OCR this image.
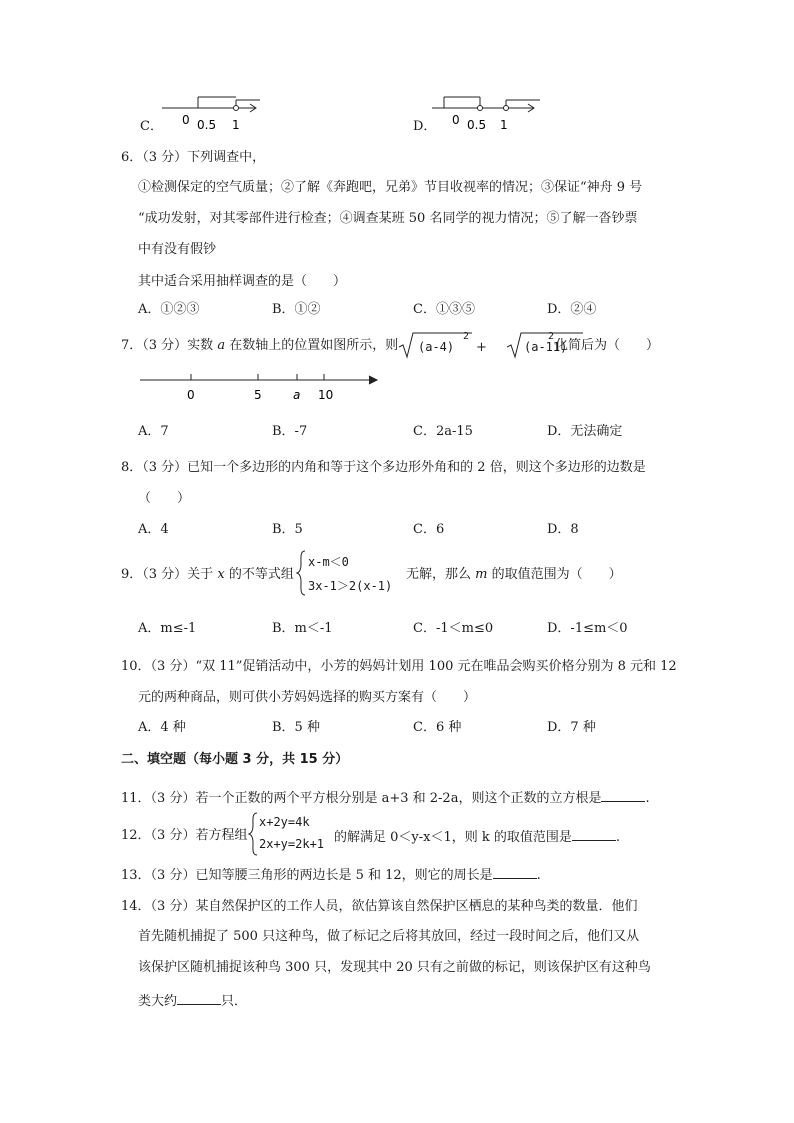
C． 0 0.5 1	D． 0 0.5 1
6．（3 分）下列调查中，
①检测保定的空气质量；②了解《奔跑吧，兄弟》节目收视率的情况；③保证“神舟 9 号
“成功发射，对其零部件进行检查；④调查某班 50 名同学的视力情况；⑤了解一沓钞票
中有没有假钞
其中适合采用抽样调查的是（　　）
A．①②③	B．①②	C．①③⑤	D．②④
7．（3 分）实数 a 在数轴上的位置如图所示，则 (a-4)
2
+	(a-11)
2
化简后为（　　）
0	5	a 10
A．7	B．-7	C．2a-15	D．无法确定
8．（3 分）已知一个多边形的内角和等于这个多边形外角和的 2 倍，则这个多边形的边数是
（　　）
A．4	B．5	C．6	D．8
9．（3 分）关于 x 的不等式组
x-m＜0
3x-1＞2(x-1)
无解，那么 m 的取值范围为（　　）
A．m≤-1	B．m＜-1	C．-1＜m≤0	D．-1≤m＜0
10．（3 分）“双 11”促销活动中，小芳的妈妈计划用 100 元在唯品会购买价格分别为 8 元和 12
元的两种商品，则可供小芳妈妈选择的购买方案有（　　）
A．4 种	B．5 种	C．6 种	D．7 种
二、填空题（每小题 3 分，共 15 分）
11．（3 分）若一个正数的两个平方根分别是 a+3 和 2-2a，则这个正数的立方根是	.
12．（3 分）若方程组
x+2y=4k
2x+y=2k+1 的解满足 0＜y-x＜1，则 k 的取值范围是	.
13．（3 分）已知等腰三角形的两边长是 5 和 12，则它的周长是	.
14．（3 分）某自然保护区的工作人员，欲估算该自然保护区栖息的某种鸟类的数量．他们
首先随机捕捉了 500 只这种鸟，做了标记之后将其放回，经过一段时间之后，他们又从
该保护区随机捕捉该种鸟 300 只，发现其中 20 只有之前做的标记，则该保护区有这种鸟
类大约	只．
